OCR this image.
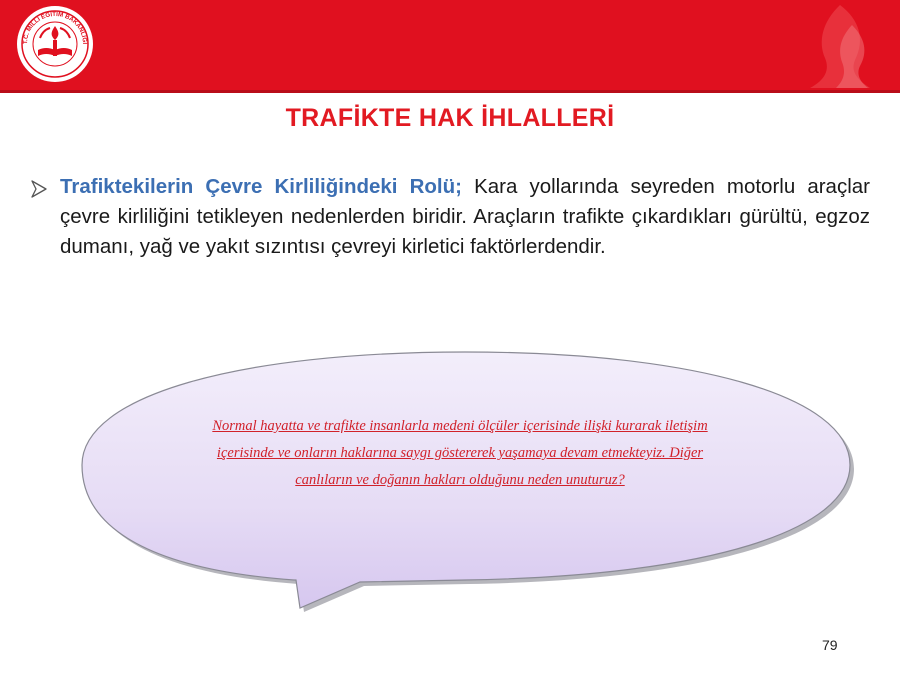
T.C. MİLLİ EĞİTİM BAKANLIĞI
TRAFİKTE HAK İHLALLERİ
Trafiktekilerin Çevre Kirliliğindeki Rolü; Kara yollarında seyreden motorlu araçlar çevre kirliliğini tetikleyen nedenlerden biridir. Araçların trafikte çıkardıkları gürültü, egzoz dumanı, yağ ve yakıt sızıntısı çevreyi kirletici faktörlerdendir.
Normal hayatta ve trafikte insanlarla medeni ölçüler içerisinde ilişki kurarak iletişim içerisinde ve onların haklarına saygı göstererek yaşamaya devam etmekteyiz. Diğer canlıların ve doğanın hakları olduğunu neden unuturuz?
79
